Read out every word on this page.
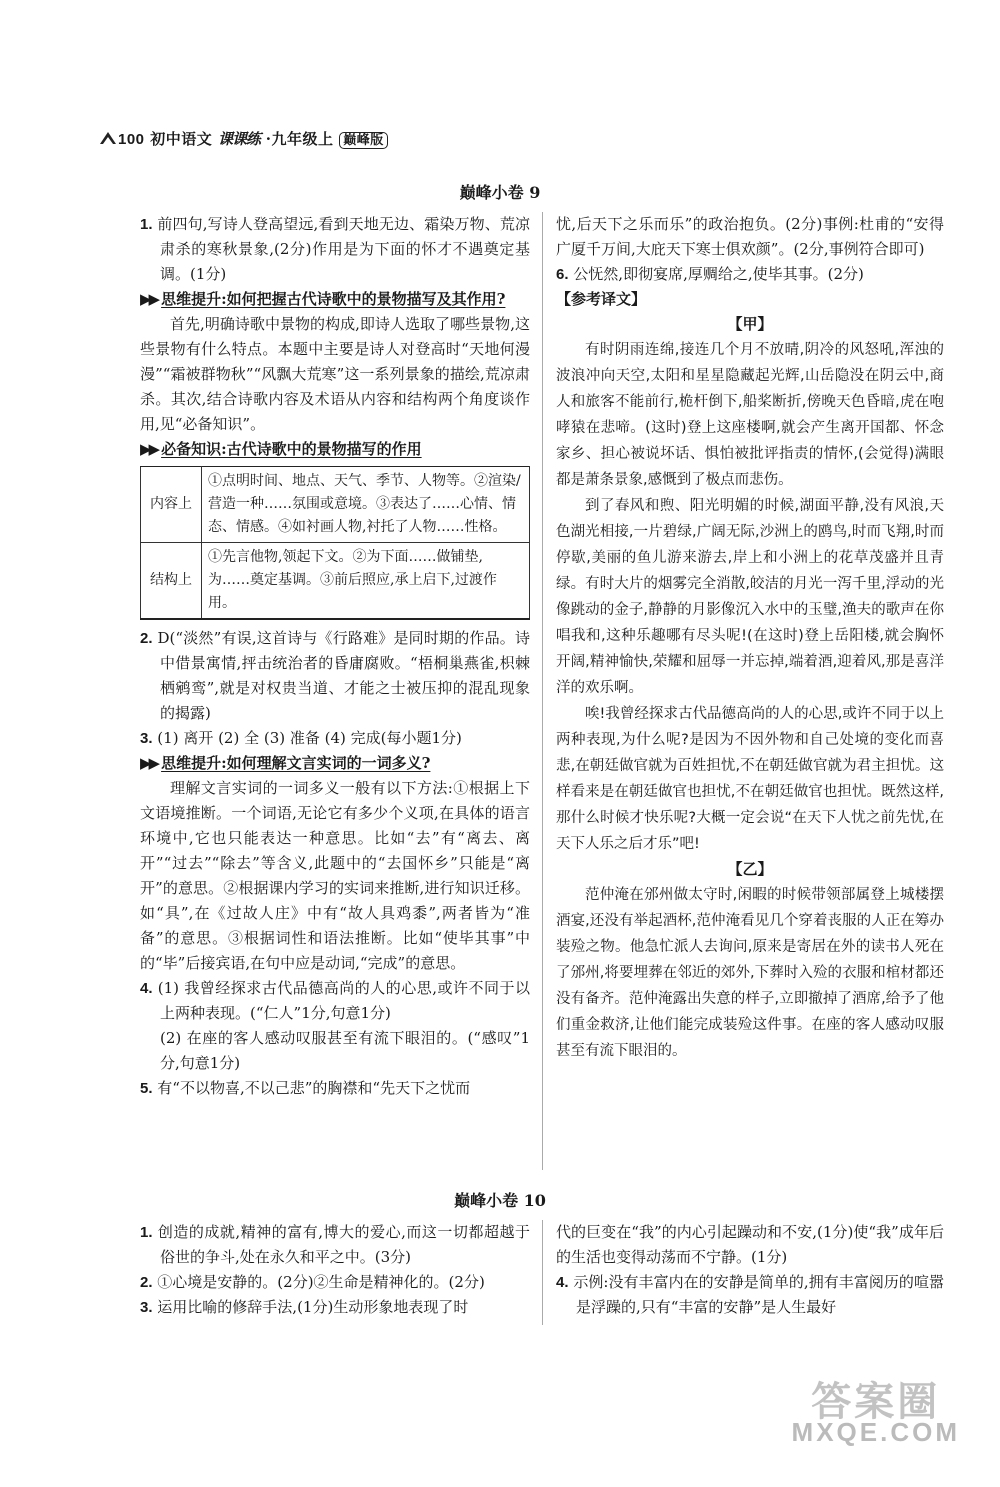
100 初中语文 课课练 ·九年级上 巅峰版
巅峰小卷 9

1. 前四句,写诗人登高望远,看到天地无边、霜染万物、荒凉肃杀的寒秋景象,(2分)作用是为下面的怀才不遇奠定基调。(1分)

▶▶ 思维提升:如何把握古代诗歌中的景物描写及其作用?

首先,明确诗歌中景物的构成,即诗人选取了哪些景物,这些景物有什么特点。本题中主要是诗人对登高时“天地何漫漫”“霜被群物秋”“风飘大荒寒”这一系列景象的描绘,荒凉肃杀。其次,结合诗歌内容及术语从内容和结构两个角度谈作用,见“必备知识”。

▶▶ 必备知识:古代诗歌中的景物描写的作用

内容上	①点明时间、地点、天气、季节、人物等。②渲染/营造一种……氛围或意境。③表达了……心情、情态、情感。④如衬画人物,衬托了人物……性格。
结构上	①先言他物,领起下文。②为下面……做铺垫,为……奠定基调。③前后照应,承上启下,过渡作用。

2. D(“淡然”有误,这首诗与《行路难》是同时期的作品。诗中借景寓情,抨击统治者的昏庸腐败。“梧桐巢燕雀,枳棘栖鹓鸾”,就是对权贵当道、才能之士被压抑的混乱现象的揭露)

3. (1) 离开 (2) 全 (3) 准备 (4) 完成(每小题1分)

▶▶ 思维提升:如何理解文言实词的一词多义?

理解文言实词的一词多义一般有以下方法:①根据上下文语境推断。一个词语,无论它有多少个义项,在具体的语言环境中,它也只能表达一种意思。比如“去”有“离去、离开”“过去”“除去”等含义,此题中的“去国怀乡”只能是“离开”的意思。②根据课内学习的实词来推断,进行知识迁移。如“具”,在《过故人庄》中有“故人具鸡黍”,两者皆为“准备”的意思。③根据词性和语法推断。比如“使毕其事”中的“毕”后接宾语,在句中应是动词,“完成”的意思。

4. (1) 我曾经探求古代品德高尚的人的心思,或许不同于以上两种表现。(“仁人”1分,句意1分)

(2) 在座的客人感动叹服甚至有流下眼泪的。(“感叹”1分,句意1分)

5. 有“不以物喜,不以己悲”的胸襟和“先天下之忧而

忧,后天下之乐而乐”的政治抱负。(2分)事例:杜甫的“安得广厦千万间,大庇天下寒士俱欢颜”。(2分,事例符合即可)

6. 公怃然,即彻宴席,厚赒给之,使毕其事。(2分)

【参考译文】

【甲】

有时阴雨连绵,接连几个月不放晴,阴冷的风怒吼,浑浊的波浪冲向天空,太阳和星星隐藏起光辉,山岳隐没在阴云中,商人和旅客不能前行,桅杆倒下,船桨断折,傍晚天色昏暗,虎在咆哮猿在悲啼。(这时)登上这座楼啊,就会产生离开国都、怀念家乡、担心被说坏话、惧怕被批评指责的情怀,(会觉得)满眼都是萧条景象,感慨到了极点而悲伤。

到了春风和煦、阳光明媚的时候,湖面平静,没有风浪,天色湖光相接,一片碧绿,广阔无际,沙洲上的鸥鸟,时而飞翔,时而停歇,美丽的鱼儿游来游去,岸上和小洲上的花草茂盛并且青绿。有时大片的烟雾完全消散,皎洁的月光一泻千里,浮动的光像跳动的金子,静静的月影像沉入水中的玉璧,渔夫的歌声在你唱我和,这种乐趣哪有尽头呢!(在这时)登上岳阳楼,就会胸怀开阔,精神愉快,荣耀和屈辱一并忘掉,端着酒,迎着风,那是喜洋洋的欢乐啊。

唉!我曾经探求古代品德高尚的人的心思,或许不同于以上两种表现,为什么呢?是因为不因外物和自己处境的变化而喜悲,在朝廷做官就为百姓担忧,不在朝廷做官就为君主担忧。这样看来是在朝廷做官也担忧,不在朝廷做官也担忧。既然这样,那什么时候才快乐呢?大概一定会说“在天下人忧之前先忧,在天下人乐之后才乐”吧!

【乙】

范仲淹在邠州做太守时,闲暇的时候带领部属登上城楼摆酒宴,还没有举起酒杯,范仲淹看见几个穿着丧服的人正在筹办装殓之物。他急忙派人去询问,原来是寄居在外的读书人死在了邠州,将要埋葬在邻近的郊外,下葬时入殓的衣服和棺材都还没有备齐。范仲淹露出失意的样子,立即撤掉了酒席,给予了他们重金救济,让他们能完成装殓这件事。在座的客人感动叹服甚至有流下眼泪的。

巅峰小卷 10

1. 创造的成就,精神的富有,博大的爱心,而这一切都超越于俗世的争斗,处在永久和平之中。(3分)

2. ①心境是安静的。(2分)②生命是精神化的。(2分)

3. 运用比喻的修辞手法,(1分)生动形象地表现了时

代的巨变在“我”的内心引起躁动和不安,(1分)使“我”成年后的生活也变得动荡而不宁静。(1分)

4. 示例:没有丰富内在的安静是简单的,拥有丰富阅历的喧嚣是浮躁的,只有“丰富的安静”是人生最好

答案圈
MXQE.COM
